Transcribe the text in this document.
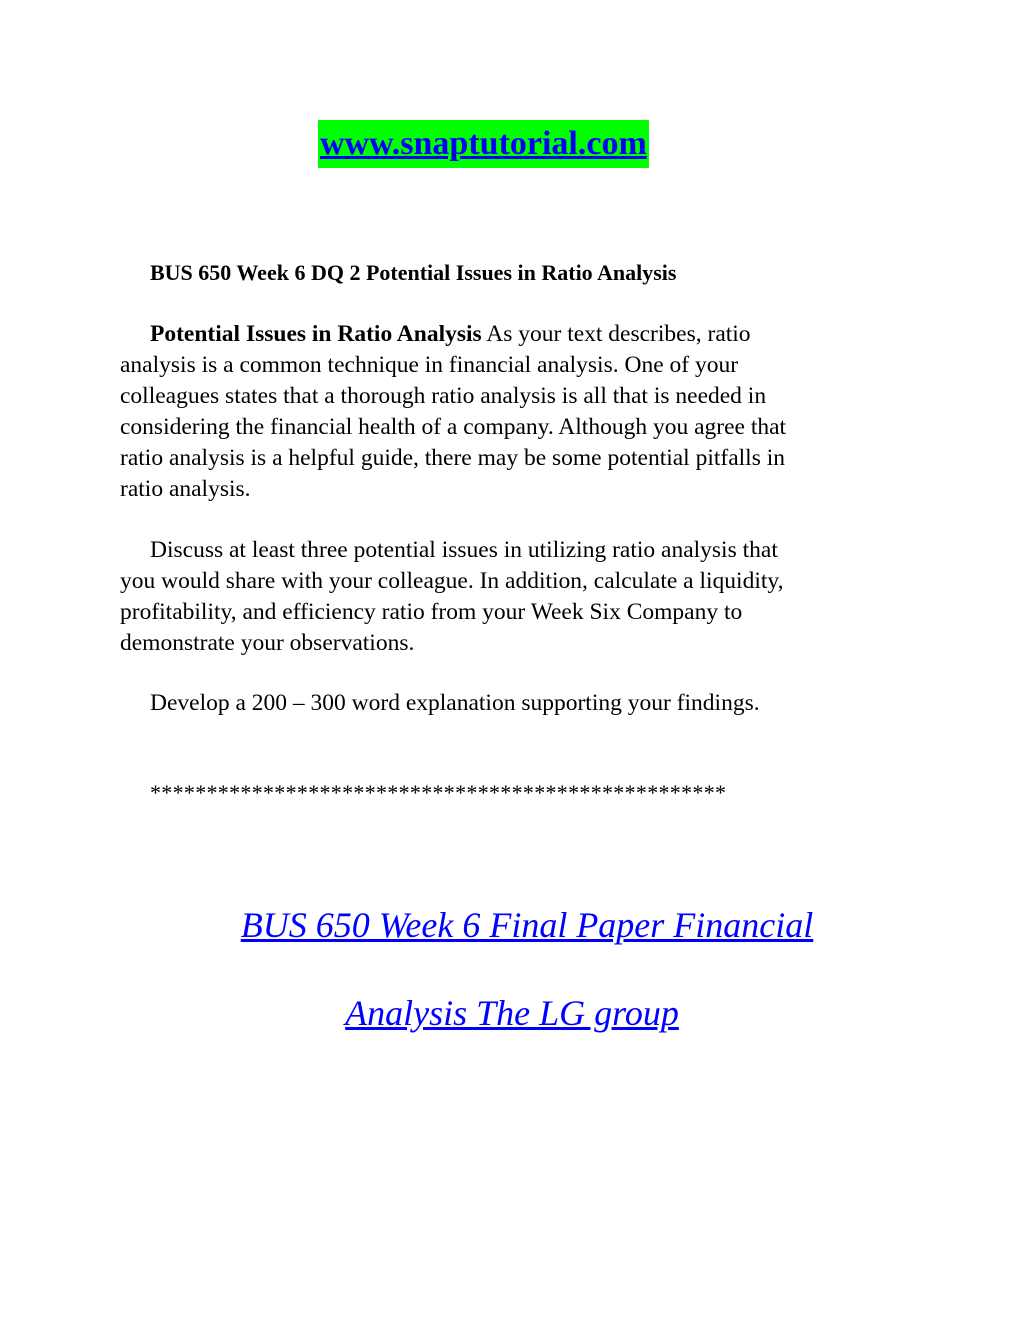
www.snaptutorial.com
BUS 650 Week 6 DQ 2 Potential Issues in Ratio Analysis

Potential Issues in Ratio Analysis As your text describes, ratio
analysis is a common technique in financial analysis. One of your
colleagues states that a thorough ratio analysis is all that is needed in
considering the financial health of a company. Although you agree that
ratio analysis is a helpful guide, there may be some potential pitfalls in
ratio analysis.

Discuss at least three potential issues in utilizing ratio analysis that
you would share with your colleague. In addition, calculate a liquidity,
profitability, and efficiency ratio from your Week Six Company to
demonstrate your observations.

Develop a 200 – 300 word explanation supporting your findings.

***************************************************
BUS 650 Week 6 Final Paper Financial
Analysis The LG group
